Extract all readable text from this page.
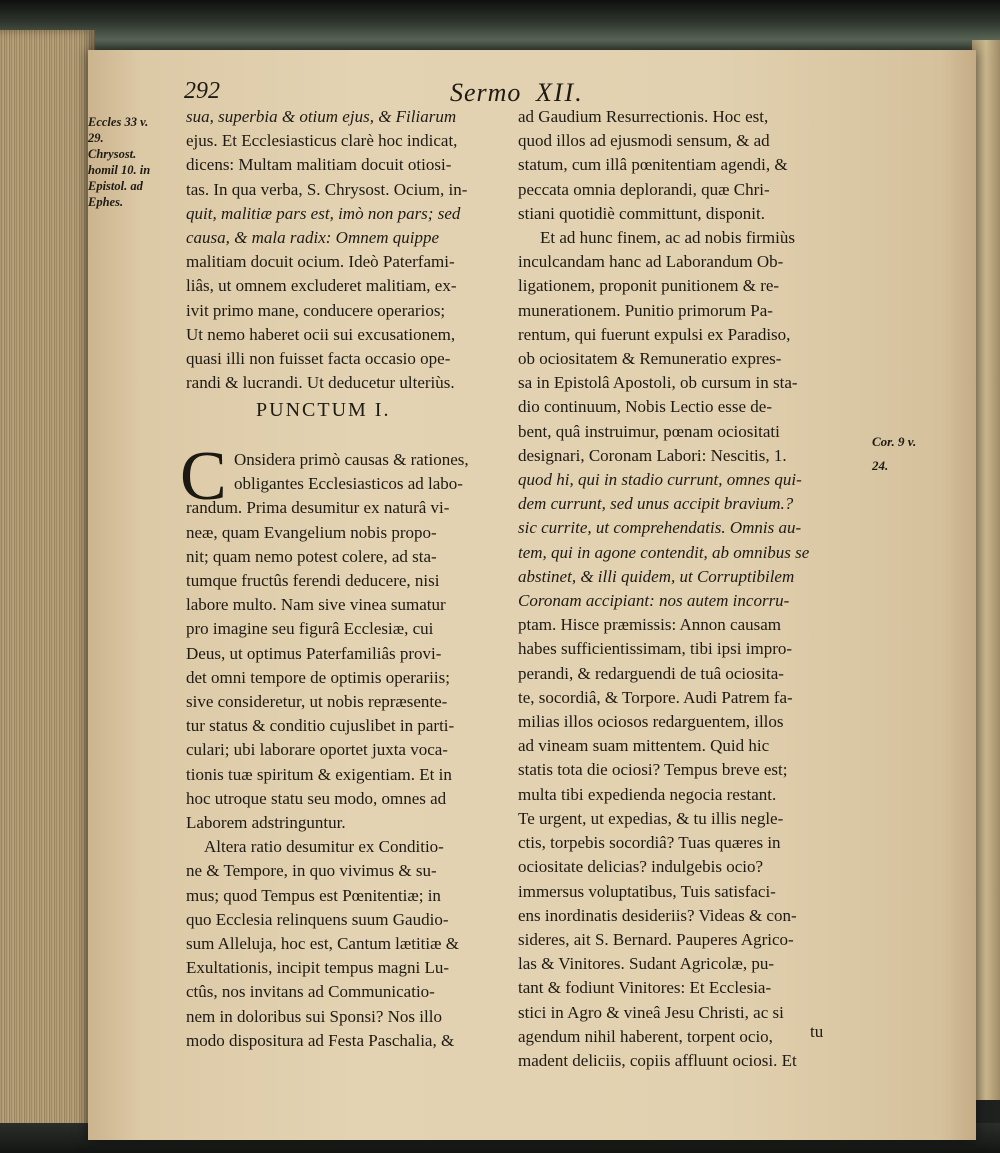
292	Sermo XII.
Eccles 33 v.
29.
Chrysost.
homil 10. in
Epistol. ad
Ephes.
sua, superbia & otium ejus, & Filiarum
ejus. Et Ecclesiasticus clarè hoc indicat,
dicens: Multam malitiam docuit otiosi-
tas. In qua verba, S. Chrysost. Ocium, in-
quit, malitiæ pars est, imò non pars; sed
causa, & mala radix: Omnem quippe
malitiam docuit ocium. Ideò Paterfami-
liâs, ut omnem excluderet malitiam, ex-
ivit primo mane, conducere operarios;
Ut nemo haberet ocii sui excusationem,
quasi illi non fuisset facta occasio ope-
randi & lucrandi. Ut deducetur ulteriùs.
PUNCTUM I.
C Onsidera primò causas & rationes,
obligantes Ecclesiasticos ad labo-
randum. Prima desumitur ex naturâ vi-
neæ, quam Evangelium nobis propo-
nit; quam nemo potest colere, ad sta-
tumque fructûs ferendi deducere, nisi
labore multo. Nam sive vinea sumatur
pro imagine seu figurâ Ecclesiæ, cui
Deus, ut optimus Paterfamiliâs provi-
det omni tempore de optimis operariis;
sive consideretur, ut nobis repræsente-
tur status & conditio cujuslibet in parti-
culari; ubi laborare oportet juxta voca-
tionis tuæ spiritum & exigentiam. Et in
hoc utroque statu seu modo, omnes ad
Laborem adstringuntur.
Altera ratio desumitur ex Conditio-
ne & Tempore, in quo vivimus & su-
mus; quod Tempus est Pœnitentiæ; in
quo Ecclesia relinquens suum Gaudio-
sum Alleluja, hoc est, Cantum lætitiæ &
Exultationis, incipit tempus magni Lu-
ctûs, nos invitans ad Communicatio-
nem in doloribus sui Sponsi? Nos illo
modo dispositura ad Festa Paschalia, &
ad Gaudium Resurrectionis. Hoc est,
quod illos ad ejusmodi sensum, & ad
statum, cum illâ pœnitentiam agendi, &
peccata omnia deplorandi, quæ Chri-
stiani quotidiè committunt, disponit.
Et ad hunc finem, ac ad nobis firmiùs
inculcandam hanc ad Laborandum Ob-
ligationem, proponit punitionem & re-
munerationem. Punitio primorum Pa-
rentum, qui fuerunt expulsi ex Paradiso,
ob ociositatem & Remuneratio expres-
sa in Epistolâ Apostoli, ob cursum in sta-
dio continuum, Nobis Lectio esse de-
bent, quâ instruimur, pœnam ociositati
designari, Coronam Labori: Nescitis, 1.
quod hi, qui in stadio currunt, omnes qui-
dem currunt, sed unus accipit bravium.?
sic currite, ut comprehendatis. Omnis au-
tem, qui in agone contendit, ab omnibus se
abstinet, & illi quidem, ut Corruptibilem
Coronam accipiant: nos autem incorru-
ptam. Hisce præmissis: Annon causam
habes sufficientissimam, tibi ipsi impro-
perandi, & redarguendi de tuâ ociosita-
te, socordiâ, & Torpore. Audi Patrem fa-
milias illos ociosos redarguentem, illos
ad vineam suam mittentem. Quid hic
statis tota die ociosi? Tempus breve est;
multa tibi expedienda negocia restant.
Te urgent, ut expedias, & tu illis negle-
ctis, torpebis socordiâ? Tuas quæres in
ociositate delicias? indulgebis ocio?
immersus voluptatibus, Tuis satisfaci-
ens inordinatis desideriis? Videas & con-
sideres, ait S. Bernard. Pauperes Agrico-
las & Vinitores. Sudant Agricolæ, pu-
tant & fodiunt Vinitores: Et Ecclesia-
stici in Agro & vineâ Jesu Christi, ac si
agendum nihil haberent, torpent ocio,
madent deliciis, copiis affluunt ociosi. Et
Cor. 9 v.
24.
tu
